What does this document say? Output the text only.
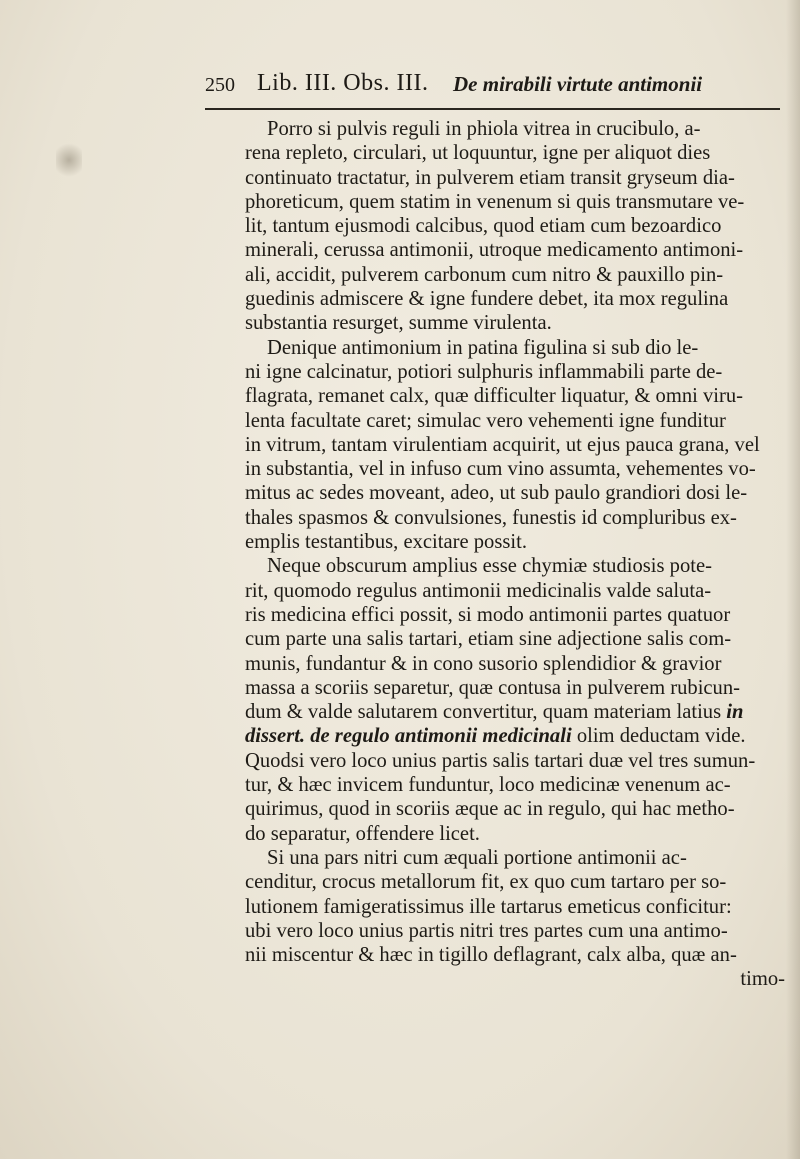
250 Lib. III. Obs. III. De mirabili virtute antimonii
Porro si pulvis reguli in phiola vitrea in crucibulo, a-
rena repleto, circulari, ut loquuntur, igne per aliquot dies
continuato tractatur, in pulverem etiam transit gryseum dia-
phoreticum, quem statim in venenum si quis transmutare ve-
lit, tantum ejusmodi calcibus, quod etiam cum bezoardico
minerali, cerussa antimonii, utroque medicamento antimoni-
ali, accidit, pulverem carbonum cum nitro & pauxillo pin-
guedinis admiscere & igne fundere debet, ita mox regulina
substantia resurget, summe virulenta.
Denique antimonium in patina figulina si sub dio le-
ni igne calcinatur, potiori sulphuris inflammabili parte de-
flagrata, remanet calx, quæ difficulter liquatur, & omni viru-
lenta facultate caret; simulac vero vehementi igne funditur
in vitrum, tantam virulentiam acquirit, ut ejus pauca grana, vel
in substantia, vel in infuso cum vino assumta, vehementes vo-
mitus ac sedes moveant, adeo, ut sub paulo grandiori dosi le-
thales spasmos & convulsiones, funestis id compluribus ex-
emplis testantibus, excitare possit.
Neque obscurum amplius esse chymiæ studiosis pote-
rit, quomodo regulus antimonii medicinalis valde saluta-
ris medicina effici possit, si modo antimonii partes quatuor
cum parte una salis tartari, etiam sine adjectione salis com-
munis, fundantur & in cono susorio splendidior & gravior
massa a scoriis separetur, quæ contusa in pulverem rubicun-
dum & valde salutarem convertitur, quam materiam latius in
dissert. de regulo antimonii medicinali olim deductam vide.
Quodsi vero loco unius partis salis tartari duæ vel tres sumun-
tur, & hæc invicem funduntur, loco medicinæ venenum ac-
quirimus, quod in scoriis æque ac in regulo, qui hac metho-
do separatur, offendere licet.
Si una pars nitri cum æquali portione antimonii ac-
cenditur, crocus metallorum fit, ex quo cum tartaro per so-
lutionem famigeratissimus ille tartarus emeticus conficitur:
ubi vero loco unius partis nitri tres partes cum una antimo-
nii miscentur & hæc in tigillo deflagrant, calx alba, quæ an-
timo-
